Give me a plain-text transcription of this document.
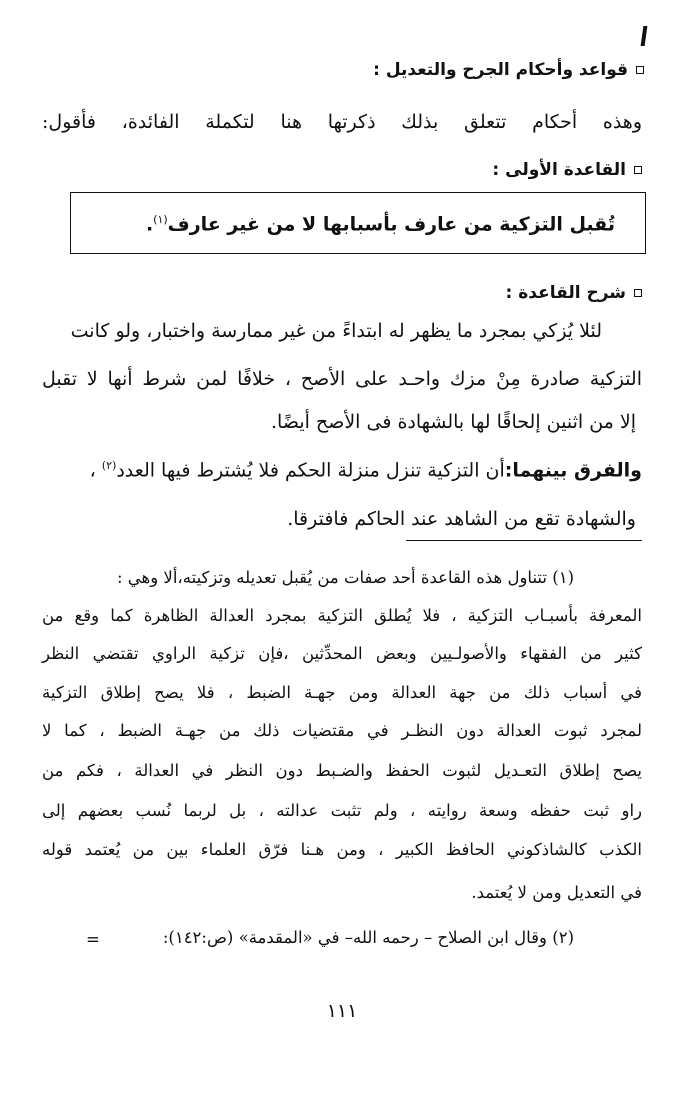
قواعد وأحكام الجرح والتعديل :
وهذه أحكام تتعلق بذلك ذكرتها هنا لتكملة الفائدة، فأقول:
القاعدة الأولى :
تُقبل التزكية من عارف بأسبابها لا من غير عارف$^{(١)}$.
شرح القاعدة :
لئلا يُزكي بمجرد ما يظهر له ابتداءً من غير ممارسة واختبار، ولو كانت
التزكية صادرة مِنْ مزك واحـد على الأصح ، خلافًا لمن شرط أنها لا تقبل
إلا من اثنين إلحاقًا لها بالشهادة فى الأصح أيضًا.
والفرق بينهما:أن التزكية تنزل منزلة الحكم فلا يُشترط فيها العدد$^{(٢)}$ ،
والشهادة تقع من الشاهد عند الحاكم فافترقا.
(١) تتناول هذه القاعدة أحد صفات من يُقبل تعديله وتزكيته،ألا وهي :
المعرفة بأسبـاب التزكية ، فلا يُطلق التزكية بمجرد العدالة الظاهرة كما وقع من
كثير من الفقهاء والأصولـيين وبعض المحدِّثين ،فإن تزكية الراوي تقتضي النظر
في أسباب ذلك من جهة العدالة ومن جهـة الضبط ، فلا يصح إطلاق التزكية
لمجرد ثبوت العدالة دون النظـر في مقتضيات ذلك من جهـة الضبط ، كما لا
يصح إطلاق التعـديل لثبوت الحفظ والضـبط دون النظر في العدالة ، فكم من
راو ثبت حفظه وسعة روايته ، ولم تثبت عدالته ، بل لربما نُسب بعضهم إلى
الكذب كالشاذكوني الحافظ الكبير ، ومن هـنا فرّق العلماء بين من يُعتمد قوله
في التعديل ومن لا يُعتمد.
(٢) وقال ابن الصلاح – رحمه الله– في «المقدمة» (ص:١٤٢):
=
١١١
